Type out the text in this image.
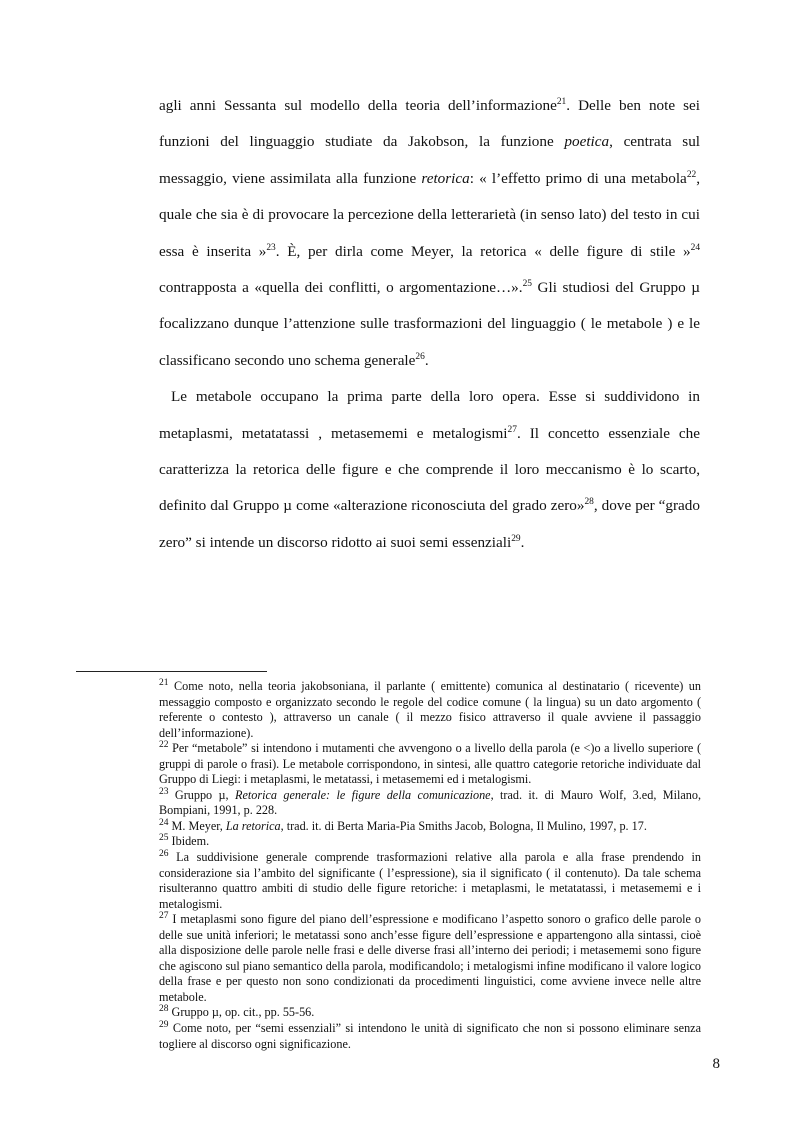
agli anni Sessanta sul modello della teoria dell’informazione$^{21}$. Delle ben note sei funzioni del linguaggio studiate da Jakobson, la funzione poetica, centrata sul messaggio, viene assimilata alla funzione retorica: « l’effetto primo di una metabola$^{22}$, quale che sia è di provocare la percezione della letterarietà (in senso lato) del testo in cui essa è inserita »$^{23}$. È, per dirla come Meyer, la retorica « delle figure di stile »$^{24}$ contrapposta a «quella dei conflitti, o argomentazione…».$^{25}$ Gli studiosi del Gruppo µ focalizzano dunque l’attenzione sulle trasformazioni del linguaggio ( le metabole ) e le classificano secondo uno schema generale$^{26}$.

Le metabole occupano la prima parte della loro opera. Esse si suddividono in metaplasmi, metatatassi , metasememi e metalogismi$^{27}$. Il concetto essenziale che caratterizza la retorica delle figure e che comprende il loro meccanismo è lo scarto, definito dal Gruppo µ come «alterazione riconosciuta del grado zero»$^{28}$, dove per “grado zero” si intende un discorso ridotto ai suoi semi essenziali$^{29}$.

$^{21}$ Come noto, nella teoria jakobsoniana, il parlante ( emittente) comunica al destinatario ( ricevente) un messaggio composto e organizzato secondo le regole del codice comune ( la lingua) su un dato argomento ( referente o contesto ), attraverso un canale ( il mezzo fisico attraverso il quale avviene il passaggio dell’informazione).

$^{22}$ Per “metabole” si intendono i mutamenti che avvengono o a livello della parola (e <)o a livello superiore ( gruppi di parole o frasi). Le metabole corrispondono, in sintesi, alle quattro categorie retoriche individuate dal Gruppo di Liegi: i metaplasmi, le metatassi, i metasememi ed i metalogismi.

$^{23}$ Gruppo µ, Retorica generale: le figure della comunicazione, trad. it. di Mauro Wolf, 3.ed, Milano, Bompiani, 1991, p. 228.

$^{24}$ M. Meyer, La retorica, trad. it. di Berta Maria-Pia Smiths Jacob, Bologna, Il Mulino, 1997, p. 17.

$^{25}$ Ibidem.

$^{26}$ La suddivisione generale comprende trasformazioni relative alla parola e alla frase prendendo in considerazione sia l’ambito del significante ( l’espressione), sia il significato ( il contenuto). Da tale schema risulteranno quattro ambiti di studio delle figure retoriche: i metaplasmi, le metatatassi, i metasememi e i metalogismi.

$^{27}$ I metaplasmi sono figure del piano dell’espressione e modificano l’aspetto sonoro o grafico delle parole o delle sue unità inferiori; le metatassi sono anch’esse figure dell’espressione e appartengono alla sintassi, cioè alla disposizione delle parole nelle frasi e delle diverse frasi all’interno dei periodi; i metasememi sono figure che agiscono sul piano semantico della parola, modificandolo; i metalogismi infine modificano il valore logico della frase e per questo non sono condizionati da procedimenti linguistici, come avviene invece nelle altre metabole.

$^{28}$ Gruppo µ, op. cit., pp. 55-56.

$^{29}$ Come noto, per “semi essenziali” si intendono le unità di significato che non si possono eliminare senza togliere al discorso ogni significazione.

8
